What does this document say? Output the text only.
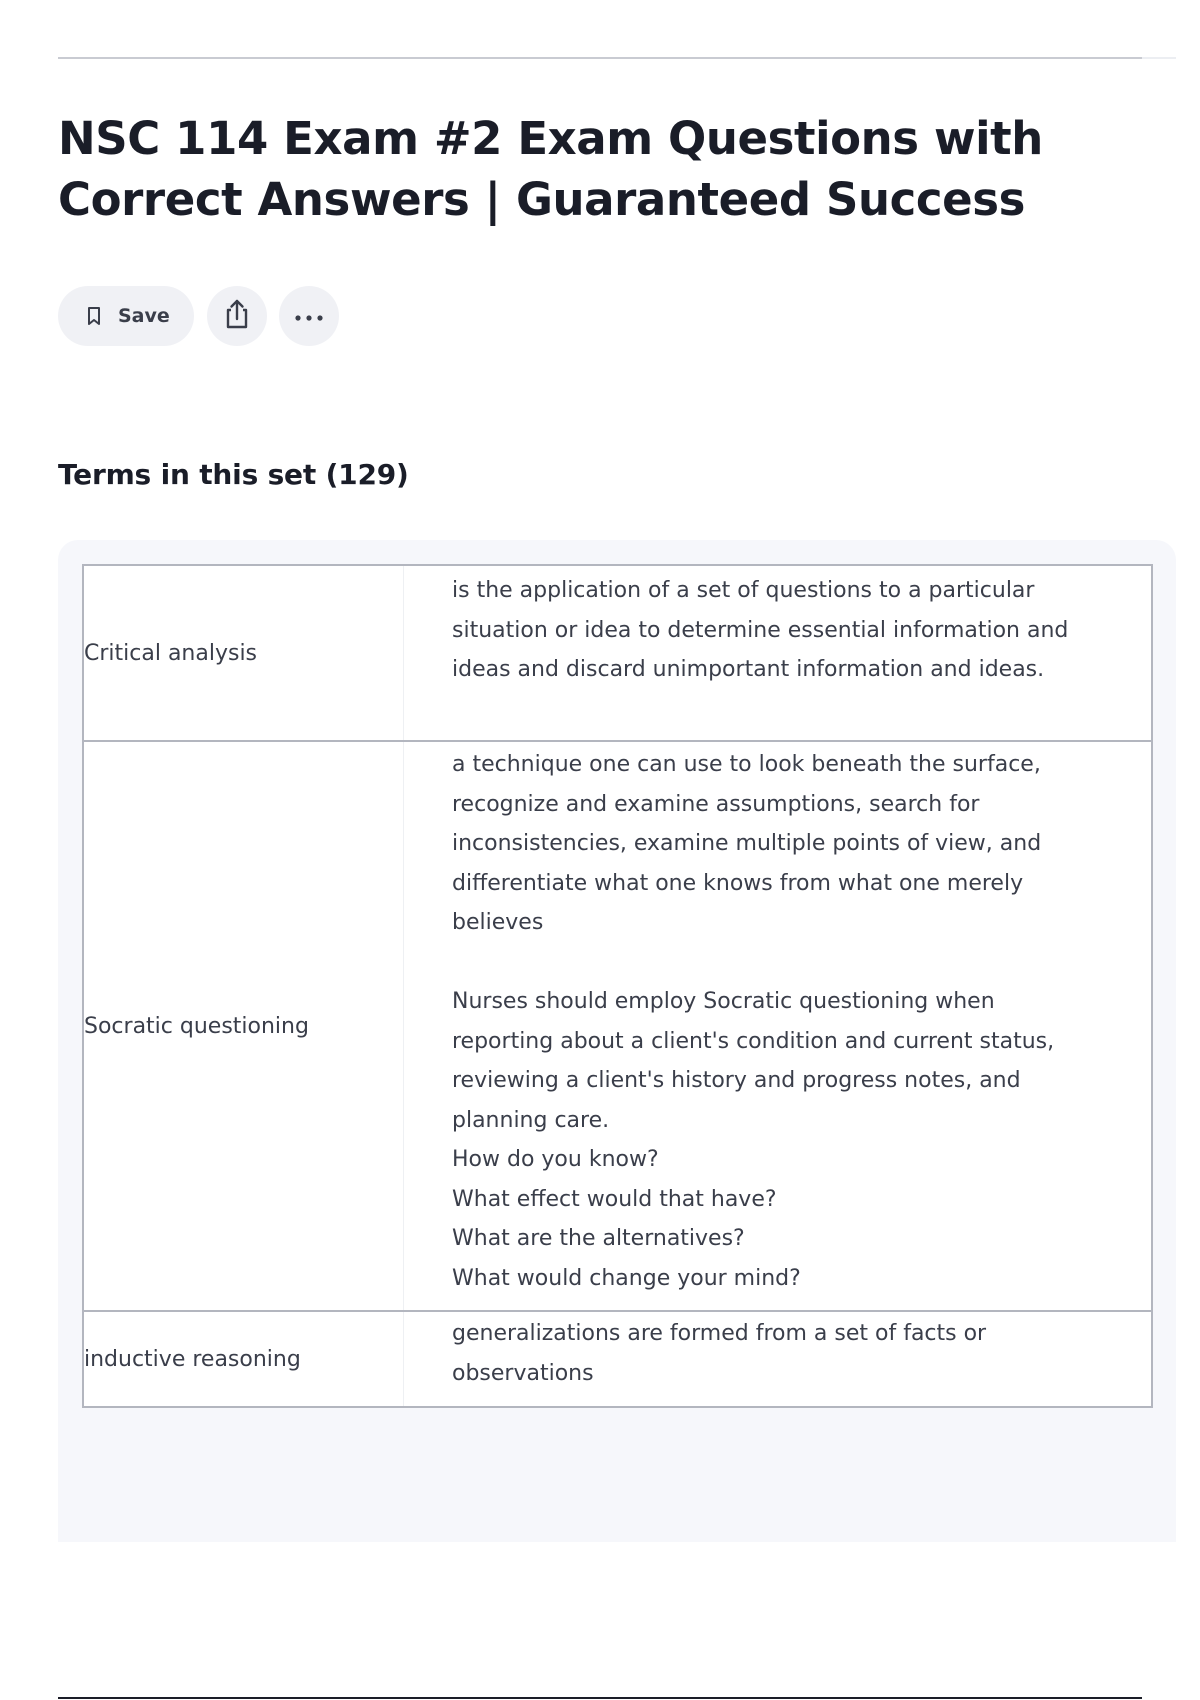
NSC 114 Exam #2 Exam Questions with Correct Answers | Guaranteed Success
Save
Terms in this set (129)
Critical analysis
is the application of a set of questions to a particular situation or idea to determine essential information and ideas and discard unimportant information and ideas.
Socratic questioning
a technique one can use to look beneath the surface, recognize and examine assumptions, search for inconsistencies, examine multiple points of view, and differentiate what one knows from what one merely believes

Nurses should employ Socratic questioning when reporting about a client's condition and current status, reviewing a client's history and progress notes, and planning care.
How do you know?
What effect would that have?
What are the alternatives?
What would change your mind?
inductive reasoning
generalizations are formed from a set of facts or observations
